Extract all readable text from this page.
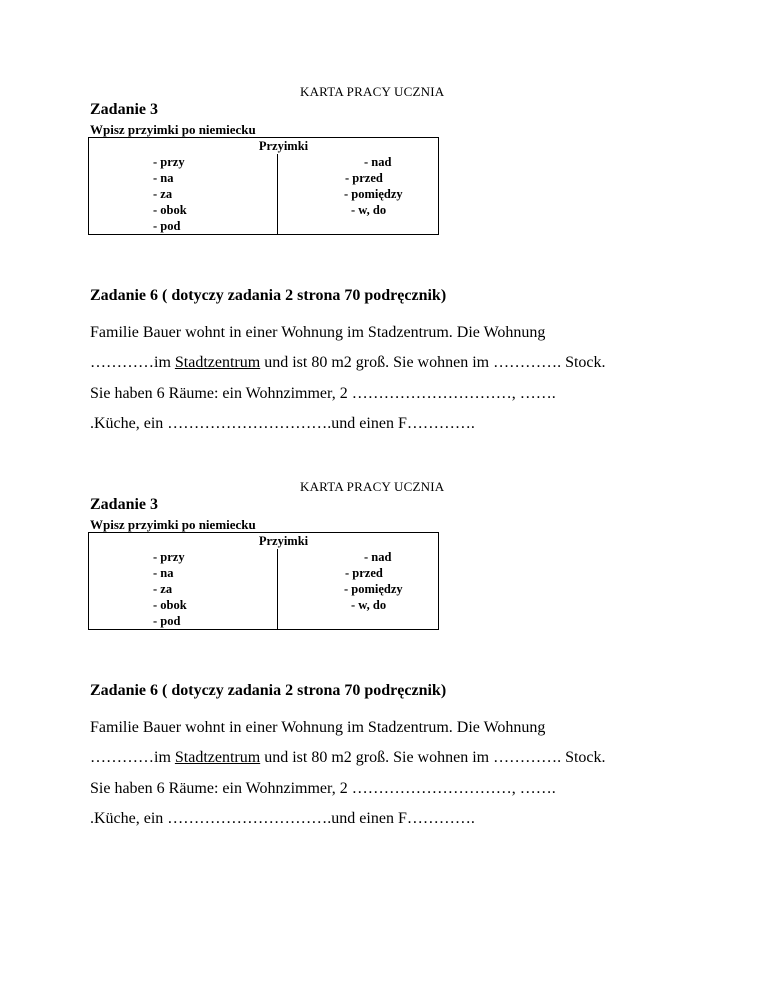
KARTA PRACY UCZNIA
Zadanie 3
Wpisz przyimki po niemiecku
Przyimki	
- przy	- nad
- na	- przed
- za	- pomiędzy
- obok	- w, do
- pod	
Zadanie 6 ( dotyczy zadania 2 strona 70 podręcznik)
Familie Bauer wohnt in einer Wohnung im Stadzentrum. Die Wohnung
…………im Stadtzentrum und ist 80 m2 groß. Sie wohnen im …………. Stock.
Sie haben 6 Räume: ein Wohnzimmer, 2 …………………………, …….
.Küche, ein ………………………….und einen F………….
KARTA PRACY UCZNIA
Zadanie 3
Wpisz przyimki po niemiecku
Przyimki	
- przy	- nad
- na	- przed
- za	- pomiędzy
- obok	- w, do
- pod	
Zadanie 6 ( dotyczy zadania 2 strona 70 podręcznik)
Familie Bauer wohnt in einer Wohnung im Stadzentrum. Die Wohnung
…………im Stadtzentrum und ist 80 m2 groß. Sie wohnen im …………. Stock.
Sie haben 6 Räume: ein Wohnzimmer, 2 …………………………, …….
.Küche, ein ………………………….und einen F………….
